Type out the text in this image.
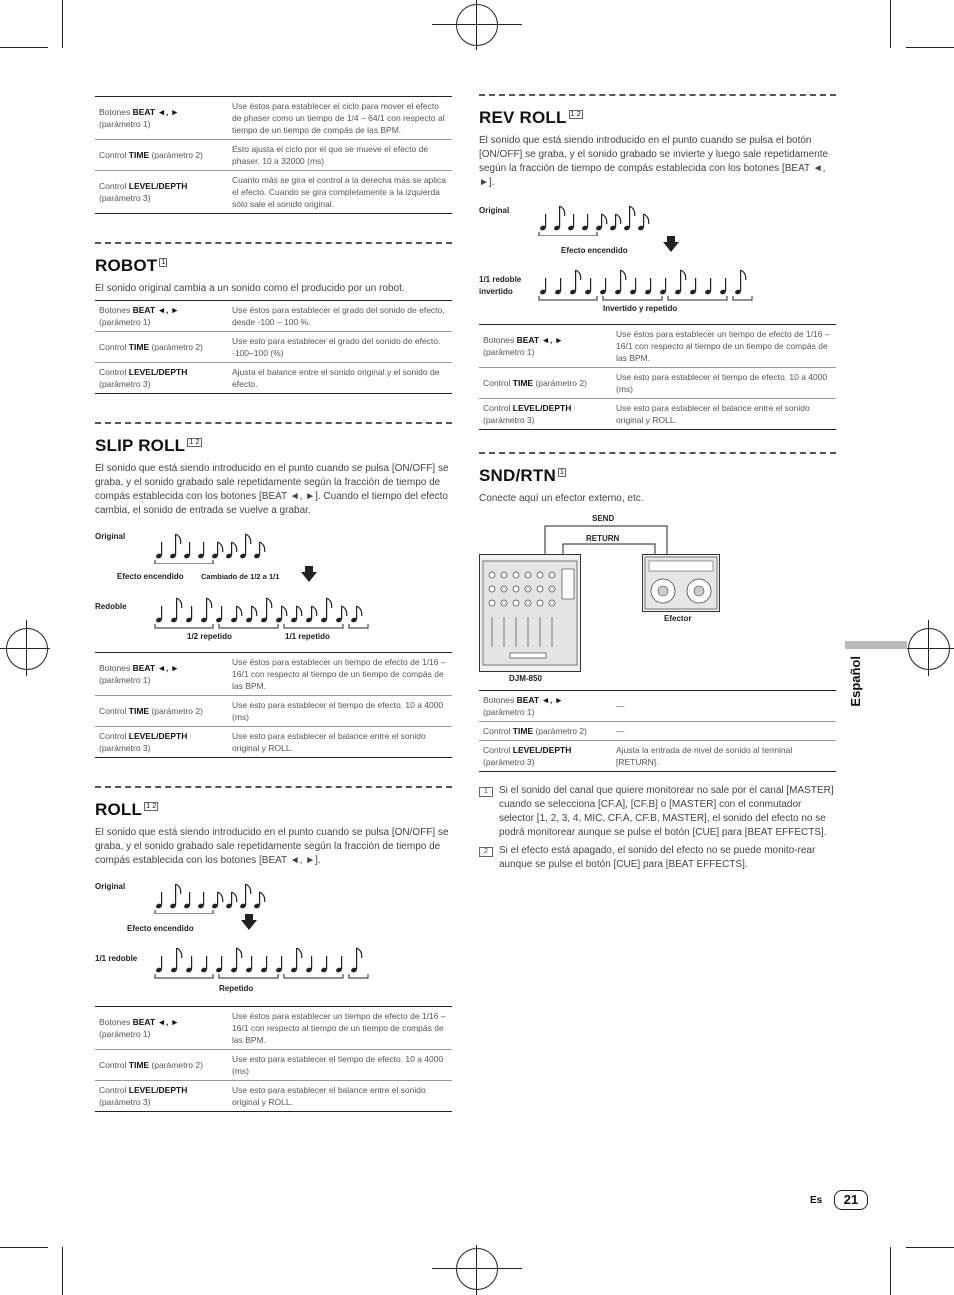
Botones BEAT ◄, ►
(parámetro 1)	Use éstos para establecer el ciclo para mover el efecto de phaser como un tiempo de 1/4 – 64/1 con respecto al tiempo de un tiempo de compás de las BPM.
Control TIME (parámetro 2)	Esto ajusta el ciclo por el que se mueve el efecto de phaser. 10 a 32000 (ms)
Control LEVEL/DEPTH
(parámetro 3)	Cuanto más se gira el control a la derecha más se aplica el efecto. Cuando se gira completamente a la izquierda sólo sale el sonido original.
ROBOT $^1$

El sonido original cambia a un sonido como el producido por un robot.

Botones BEAT ◄, ►
(parámetro 1)	Use éstos para establecer el grado del sonido de efecto, desde -100 – 100 %.
Control TIME (parámetro 2)	Use esto para establecer el grado del sonido de efecto. -100–100 (%)
Control LEVEL/DEPTH
(parámetro 3)	Ajusta el balance entre el sonido original y el sonido de efecto.
SLIP ROLL $^{1 2}$

El sonido que está siendo introducido en el punto cuando se pulsa [ON/OFF] se graba, y el sonido grabado sale repetidamente según la fracción de tiempo de compás establecida con los botones [BEAT ◄, ►]. Cuando el tiempo del efecto cambia, el sonido de entrada se vuelve a grabar.

Original
Efecto encendido Cambiado de 1/2 a 1/1
Redoble
1/2 repetido	1/1 repetido
Botones BEAT ◄, ►
(parámetro 1)	Use éstos para establecer un tiempo de efecto de 1/16 – 16/1 con respecto al tiempo de un tiempo de compás de las BPM.
Control TIME (parámetro 2)	Use esto para establecer el tiempo de efecto. 10 a 4000 (ms)
Control LEVEL/DEPTH
(parámetro 3)	Use esto para establecer el balance entre el sonido original y ROLL.
ROLL $^{1 2}$

El sonido que está siendo introducido en el punto cuando se pulsa [ON/OFF] se graba, y el sonido grabado sale repetidamente según la fracción de tiempo de compás establecida con los botones [BEAT ◄, ►].

Original
Efecto encendido
1/1 redoble
Repetido
Botones BEAT ◄, ►
(parámetro 1)	Use éstos para establecer un tiempo de efecto de 1/16 – 16/1 con respecto al tiempo de un tiempo de compás de las BPM.
Control TIME (parámetro 2)	Use esto para establecer el tiempo de efecto. 10 a 4000 (ms)
Control LEVEL/DEPTH
(parámetro 3)	Use esto para establecer el balance entre el sonido original y ROLL.
REV ROLL $^{1 2}$

El sonido que está siendo introducido en el punto cuando se pulsa el botón [ON/OFF] se graba, y el sonido grabado se invierte y luego sale repetidamente según la fracción de tiempo de compás establecida con los botones [BEAT ◄, ►].

Original
Efecto encendido
1/1 redoble invertido
Invertido y repetido
Botones BEAT ◄, ►
(parámetro 1)	Use éstos para establecer un tiempo de efecto de 1/16 – 16/1 con respecto al tiempo de un tiempo de compás de las BPM.
Control TIME (parámetro 2)	Use esto para establecer el tiempo de efecto. 10 a 4000 (ms)
Control LEVEL/DEPTH
(parámetro 3)	Use esto para establecer el balance entre el sonido original y ROLL.
SND/RTN $^1$

Conecte aquí un efector externo, etc.

SEND
RETURN
DJM-850
Efector
Botones BEAT ◄, ►
(parámetro 1)	—
Control TIME (parámetro 2)	—
Control LEVEL/DEPTH
(parámetro 3)	Ajusta la entrada de nivel de sonido al terminal [RETURN].
1	Si el sonido del canal que quiere monitorear no sale por el canal [MASTER] cuando se selecciona [CF.A], [CF.B] o [MASTER] con el conmutador selector [1, 2, 3, 4, MIC, CF.A, CF.B, MASTER], el sonido del efecto no se podrá monitorear aunque se pulse el botón [CUE] para [BEAT EFFECTS].
2	Si el efecto está apagado, el sonido del efecto no se puede monito-rear aunque se pulse el botón [CUE] para [BEAT EFFECTS].
Español
Es	21
